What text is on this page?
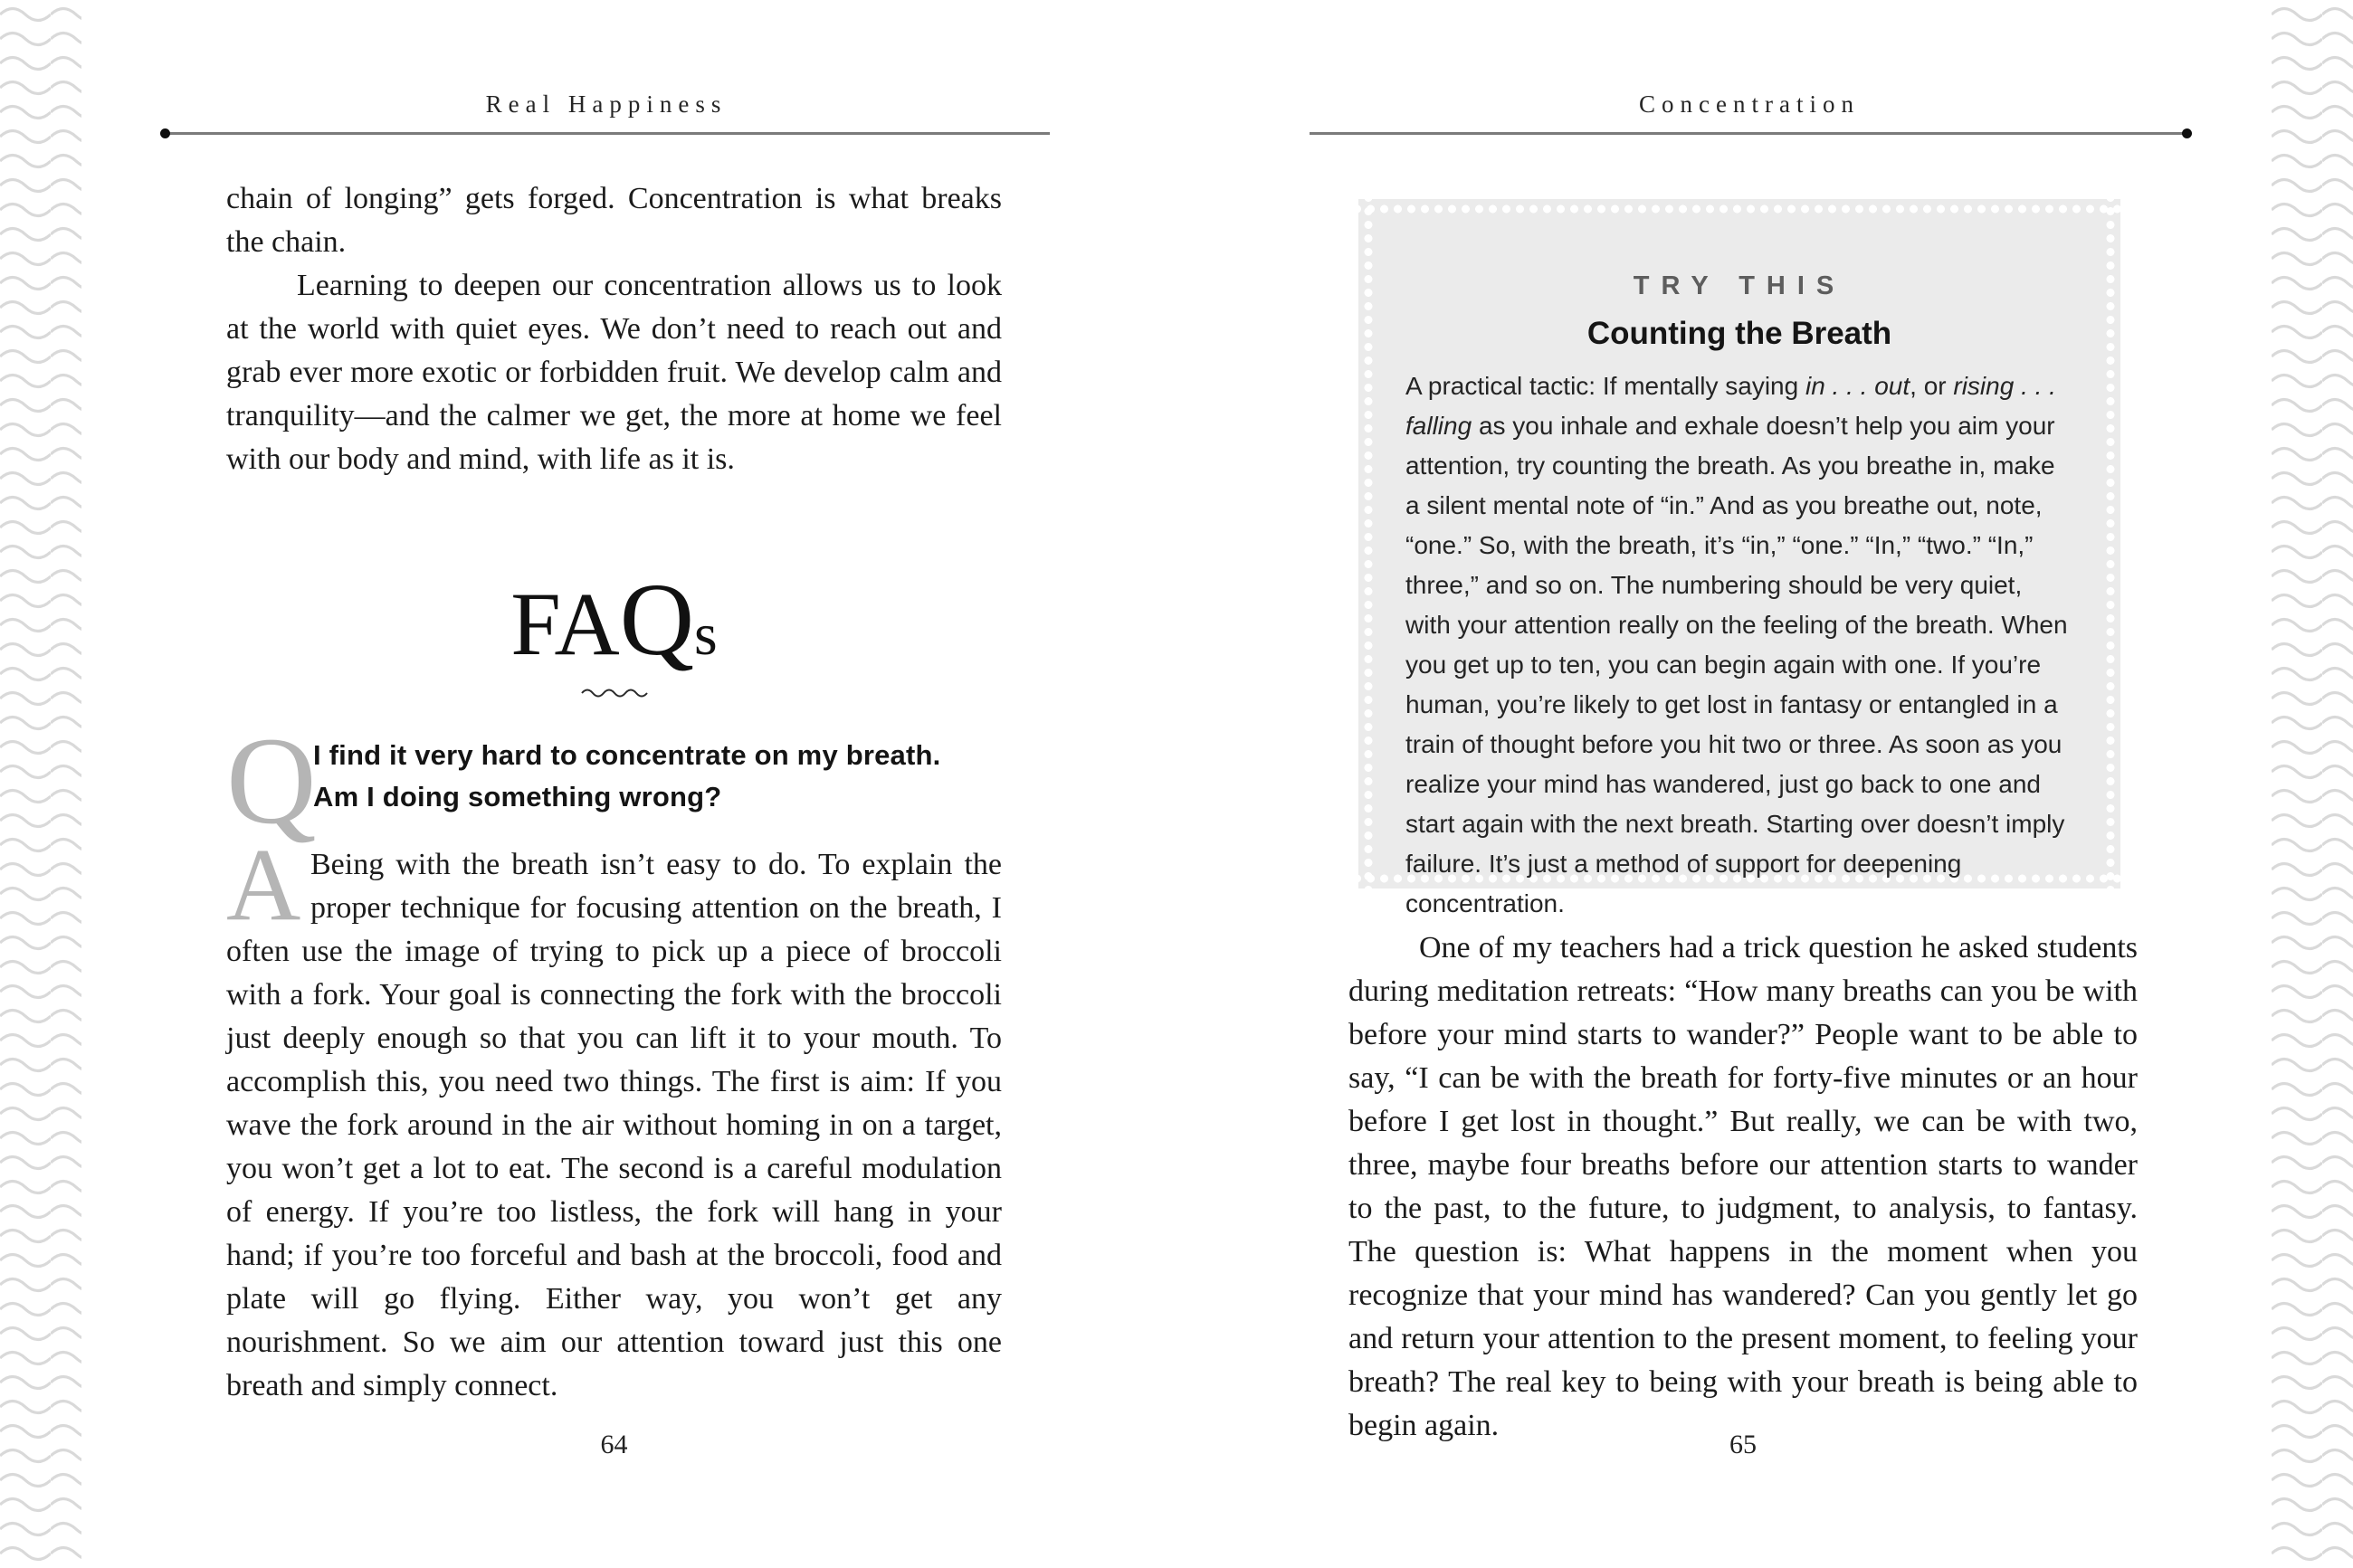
Real Happiness

chain of longing” gets forged. Concentration is what breaks the chain.

Learning to deepen our concentration allows us to look at the world with quiet eyes. We don’t need to reach out and grab ever more exotic or forbidden fruit. We develop calm and tranquility—and the calmer we get, the more at home we feel with our body and mind, with life as it is.

FAQs
Q
I find it very hard to concentrate on my breath.
Am I doing something wrong?

A Being with the breath isn’t easy to do. To explain the proper technique for focusing attention on the breath, I often use the image of trying to pick up a piece of broccoli with a fork. Your goal is connecting the fork with the broccoli just deeply enough so that you can lift it to your mouth. To accomplish this, you need two things. The first is aim: If you wave the fork around in the air without homing in on a target, you won’t get a lot to eat. The second is a careful modulation of energy. If you’re too listless, the fork will hang in your hand; if you’re too forceful and bash at the broccoli, food and plate will go flying. Either way, you won’t get any nourishment. So we aim our attention toward just this one breath and simply connect.

64
Concentration
TRY THIS
Counting the Breath
A practical tactic: If mentally saying in . . . out, or rising . . . falling as you inhale and exhale doesn’t help you aim your attention, try counting the breath. As you breathe in, make a silent mental note of “in.” And as you breathe out, note, “one.” So, with the breath, it’s “in,” “one.” “In,” “two.” “In,” three,” and so on. The numbering should be very quiet, with your attention really on the feeling of the breath. When you get up to ten, you can begin again with one. If you’re human, you’re likely to get lost in fantasy or entangled in a train of thought before you hit two or three. As soon as you realize your mind has wandered, just go back to one and start again with the next breath. Starting over doesn’t imply failure. It’s just a method of support for deepening concentration.
One of my teachers had a trick question he asked students during meditation retreats: “How many breaths can you be with before your mind starts to wander?” People want to be able to say, “I can be with the breath for forty-five minutes or an hour before I get lost in thought.” But really, we can be with two, three, maybe four breaths before our attention starts to wander to the past, to the future, to judgment, to analysis, to fantasy. The question is: What happens in the moment when you recognize that your mind has wandered? Can you gently let go and return your attention to the present moment, to feeling your breath? The real key to being with your breath is being able to begin again.
65
